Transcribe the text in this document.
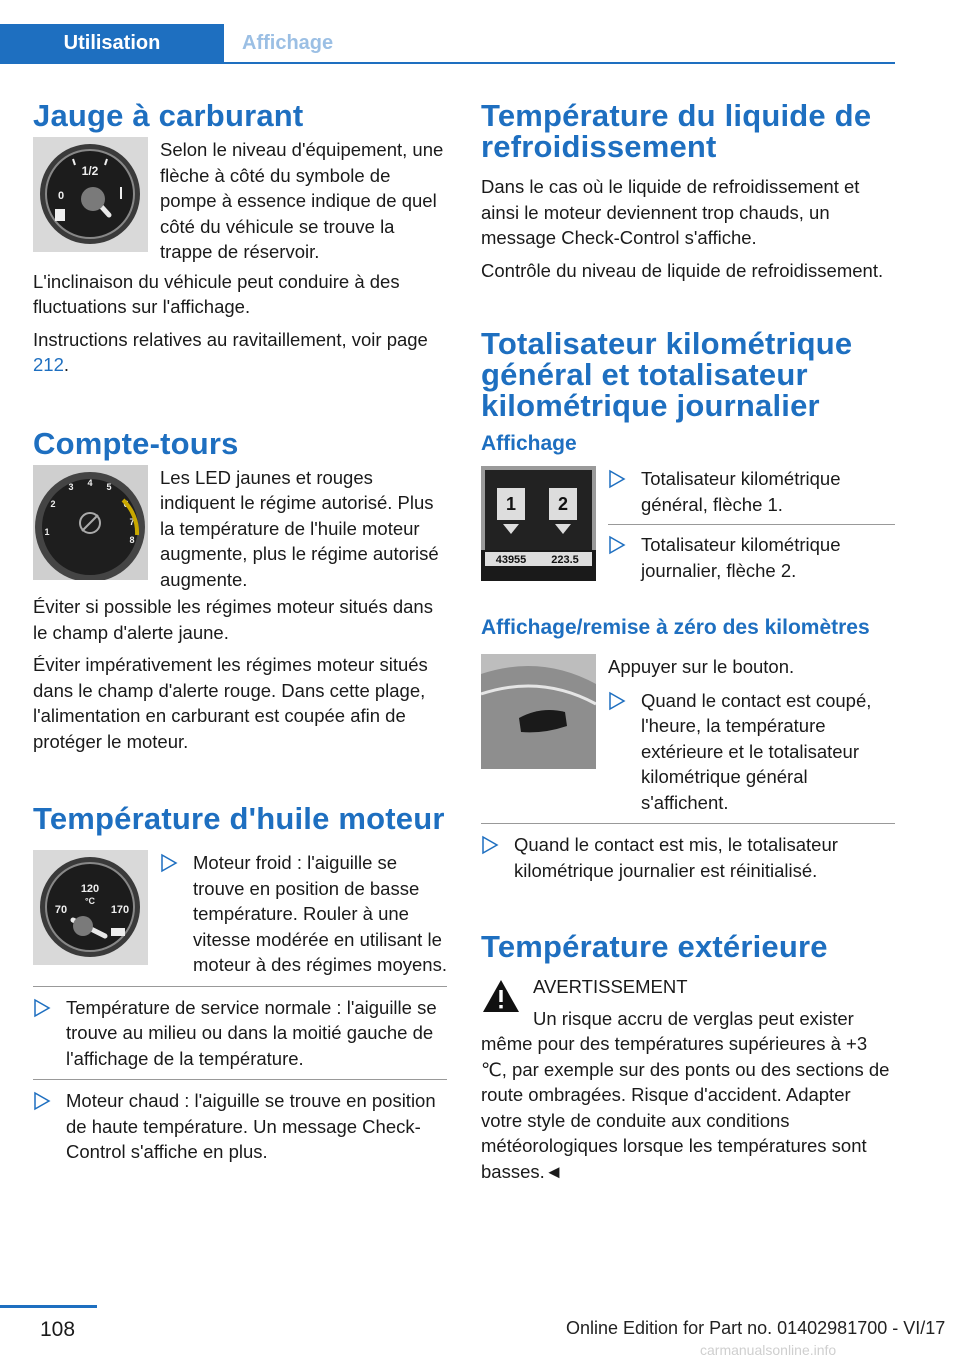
Utilisation	Affichage
Jauge à carburant
1/2
0

Selon le niveau d'équipement, une flèche à côté du symbole de pompe à essence indique de quel côté du véhicule se trouve la trappe de réservoir.

L'inclinaison du véhicule peut conduire à des fluctuations sur l'affichage.

Instructions relatives au ravitaillement, voir page 212.

Compte-tours
1
2
3 4 5
6
7
8

Les LED jaunes et rouges indiquent le régime autorisé. Plus la température de l'huile moteur augmente, plus le régime autorisé augmente.

Éviter si possible les régimes moteur situés dans le champ d'alerte jaune.

Éviter impérativement les régimes moteur situés dans le champ d'alerte rouge. Dans cette plage, l'alimentation en carburant est coupée afin de protéger le moteur.

Température d'huile moteur
120
°C
70	170
Moteur froid : l'aiguille se trouve en position de basse température. Rouler à une vitesse modérée en utilisant le moteur à des régimes moyens.
Température de service normale : l'aiguille se trouve au milieu ou dans la moitié gauche de l'affichage de la température.
Moteur chaud : l'aiguille se trouve en position de haute température. Un message Check-Control s'affiche en plus.
Température du liquide de refroidissement

Dans le cas où le liquide de refroidissement et ainsi le moteur deviennent trop chauds, un message Check-Control s'affiche.

Contrôle du niveau de liquide de refroidissement.

Totalisateur kilométrique général et totalisateur kilométrique journalier
Affichage
1 2
43955 223.5
Totalisateur kilométrique général, flèche 1.
Totalisateur kilométrique journalier, flèche 2.
Affichage/remise à zéro des kilomètres

Appuyer sur le bouton.

Quand le contact est coupé, l'heure, la température extérieure et le totalisateur kilométrique général s'affichent.
Quand le contact est mis, le totalisateur kilométrique journalier est réinitialisé.
Température extérieure

AVERTISSEMENT

Un risque accru de verglas peut exister même pour des températures supérieures à +3 ℃, par exemple sur des ponts ou des sections de route ombragées. Risque d'accident. Adapter votre style de conduite aux conditions météorologiques lorsque les températures sont basses.◄

108	Online Edition for Part no. 01402981700 - VI/17
carmanualsonline.info
